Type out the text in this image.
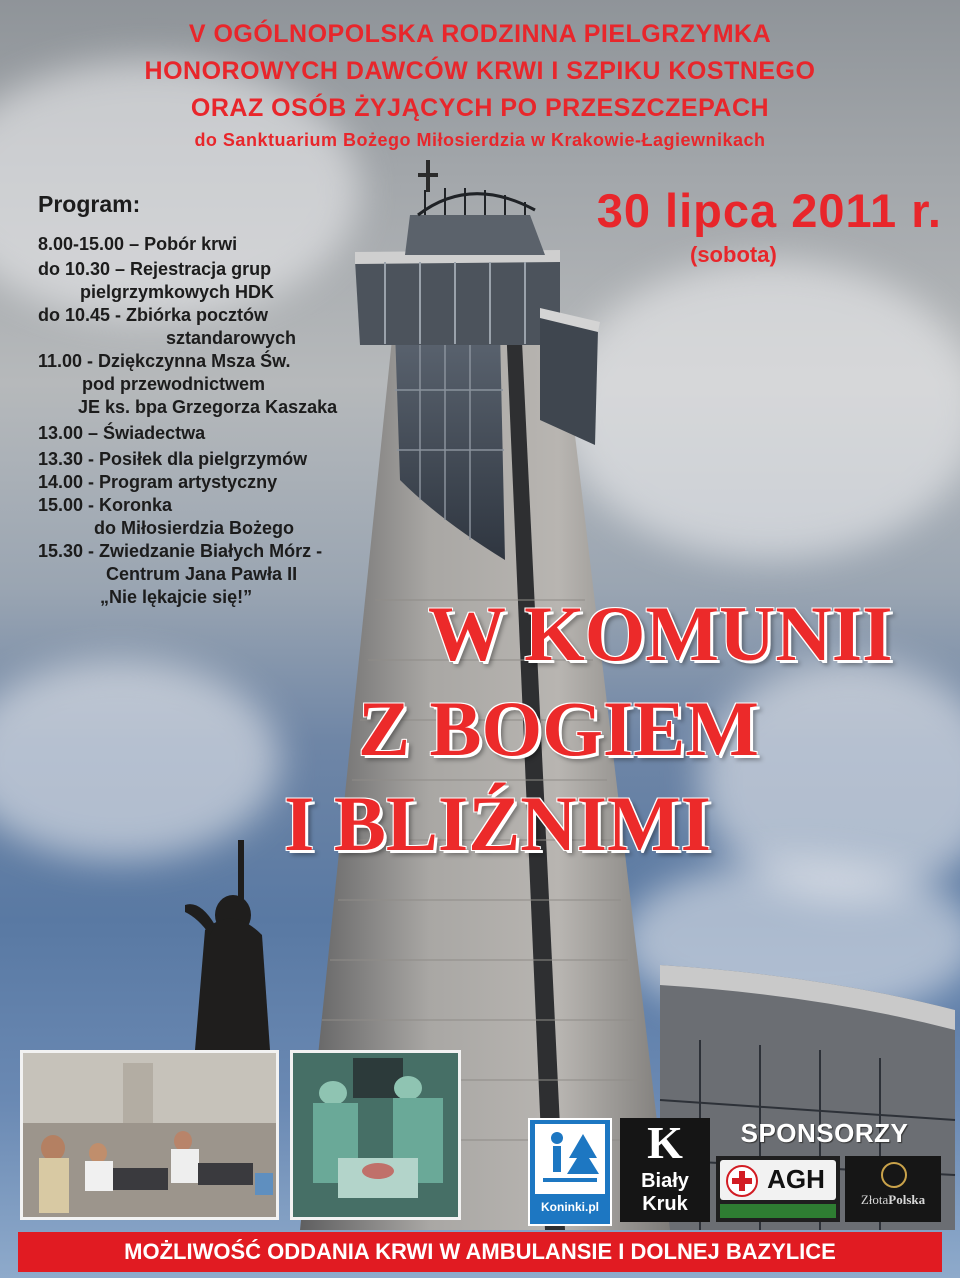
V OGÓLNOPOLSKA RODZINNA PIELGRZYMKA
HONOROWYCH DAWCÓW KRWI I SZPIKU KOSTNEGO
ORAZ OSÓB ŻYJĄCYCH PO PRZESZCZEPACH
do Sanktuarium Bożego Miłosierdzia w Krakowie-Łagiewnikach
30 lipca 2011 r.
(sobota)
Program:
8.00-15.00 – Pobór krwi
do 10.30 – Rejestracja grup
pielgrzymkowych HDK
do 10.45 - Zbiórka pocztów
sztandarowych
11.00 - Dziękczynna Msza Św.
pod przewodnictwem
JE ks. bpa Grzegorza Kaszaka
13.00 – Świadectwa
13.30 - Posiłek dla pielgrzymów
14.00 - Program artystyczny
15.00 - Koronka
do Miłosierdzia Bożego
15.30 - Zwiedzanie Białych Mórz -
Centrum Jana Pawła II
„Nie lękajcie się!”	W KOMUNII
Z BOGIEM
I BLIŹNIMI
SPONSORZY
Koninki.pl
K
Biały
Kruk
AGH
ZłotaPolska
MOŻLIWOŚĆ ODDANIA KRWI W AMBULANSIE I DOLNEJ BAZYLICE
